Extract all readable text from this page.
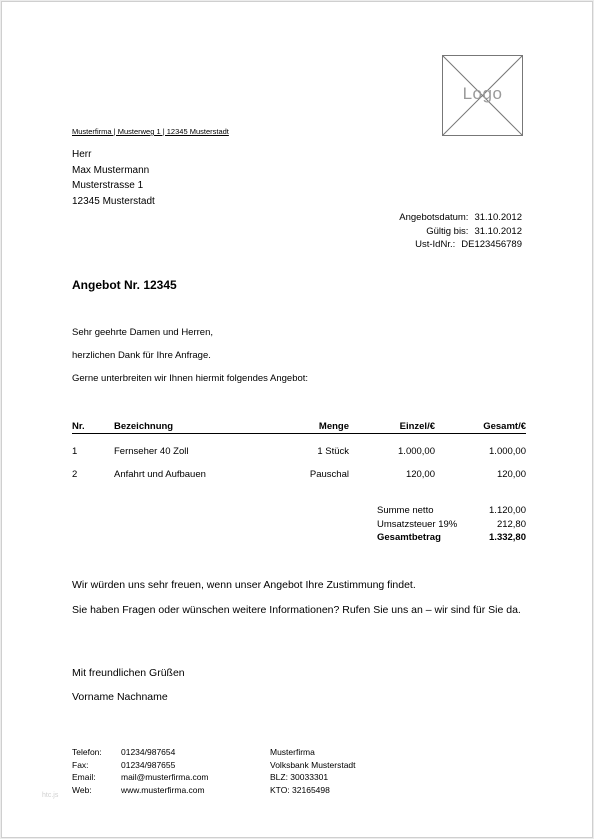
Logo
Musterfirma | Musterweg 1 | 12345 Musterstadt
Herr
Max Mustermann
Musterstrasse 1
12345 Musterstadt
Angebotsdatum: 31.10.2012
Gültig bis: 31.10.2012
Ust-IdNr.: DE123456789
Angebot Nr. 12345
Sehr geehrte Damen und Herren,
herzlichen Dank für Ihre Anfrage.
Gerne unterbreiten wir Ihnen hiermit folgendes Angebot:
Nr.	Bezeichnung	Menge	Einzel/€	Gesamt/€
1	Fernseher 40 Zoll	1 Stück	1.000,00	1.000,00
2	Anfahrt und Aufbauen	Pauschal	120,00	120,00
Summe netto	1.120,00
Umsatzsteuer 19%	212,80
Gesamtbetrag	1.332,80
Wir würden uns sehr freuen, wenn unser Angebot Ihre Zustimmung findet.
Sie haben Fragen oder wünschen weitere Informationen? Rufen Sie uns an – wir sind für Sie da.
Mit freundlichen Grüßen
Vorname Nachname
Telefon:	01234/987654
Fax:	01234/987655
Email:	mail@musterfirma.com
Web:	www.musterfirma.com
Musterfirma
Volksbank Musterstadt
BLZ: 30033301
KTO: 32165498
htc.js
